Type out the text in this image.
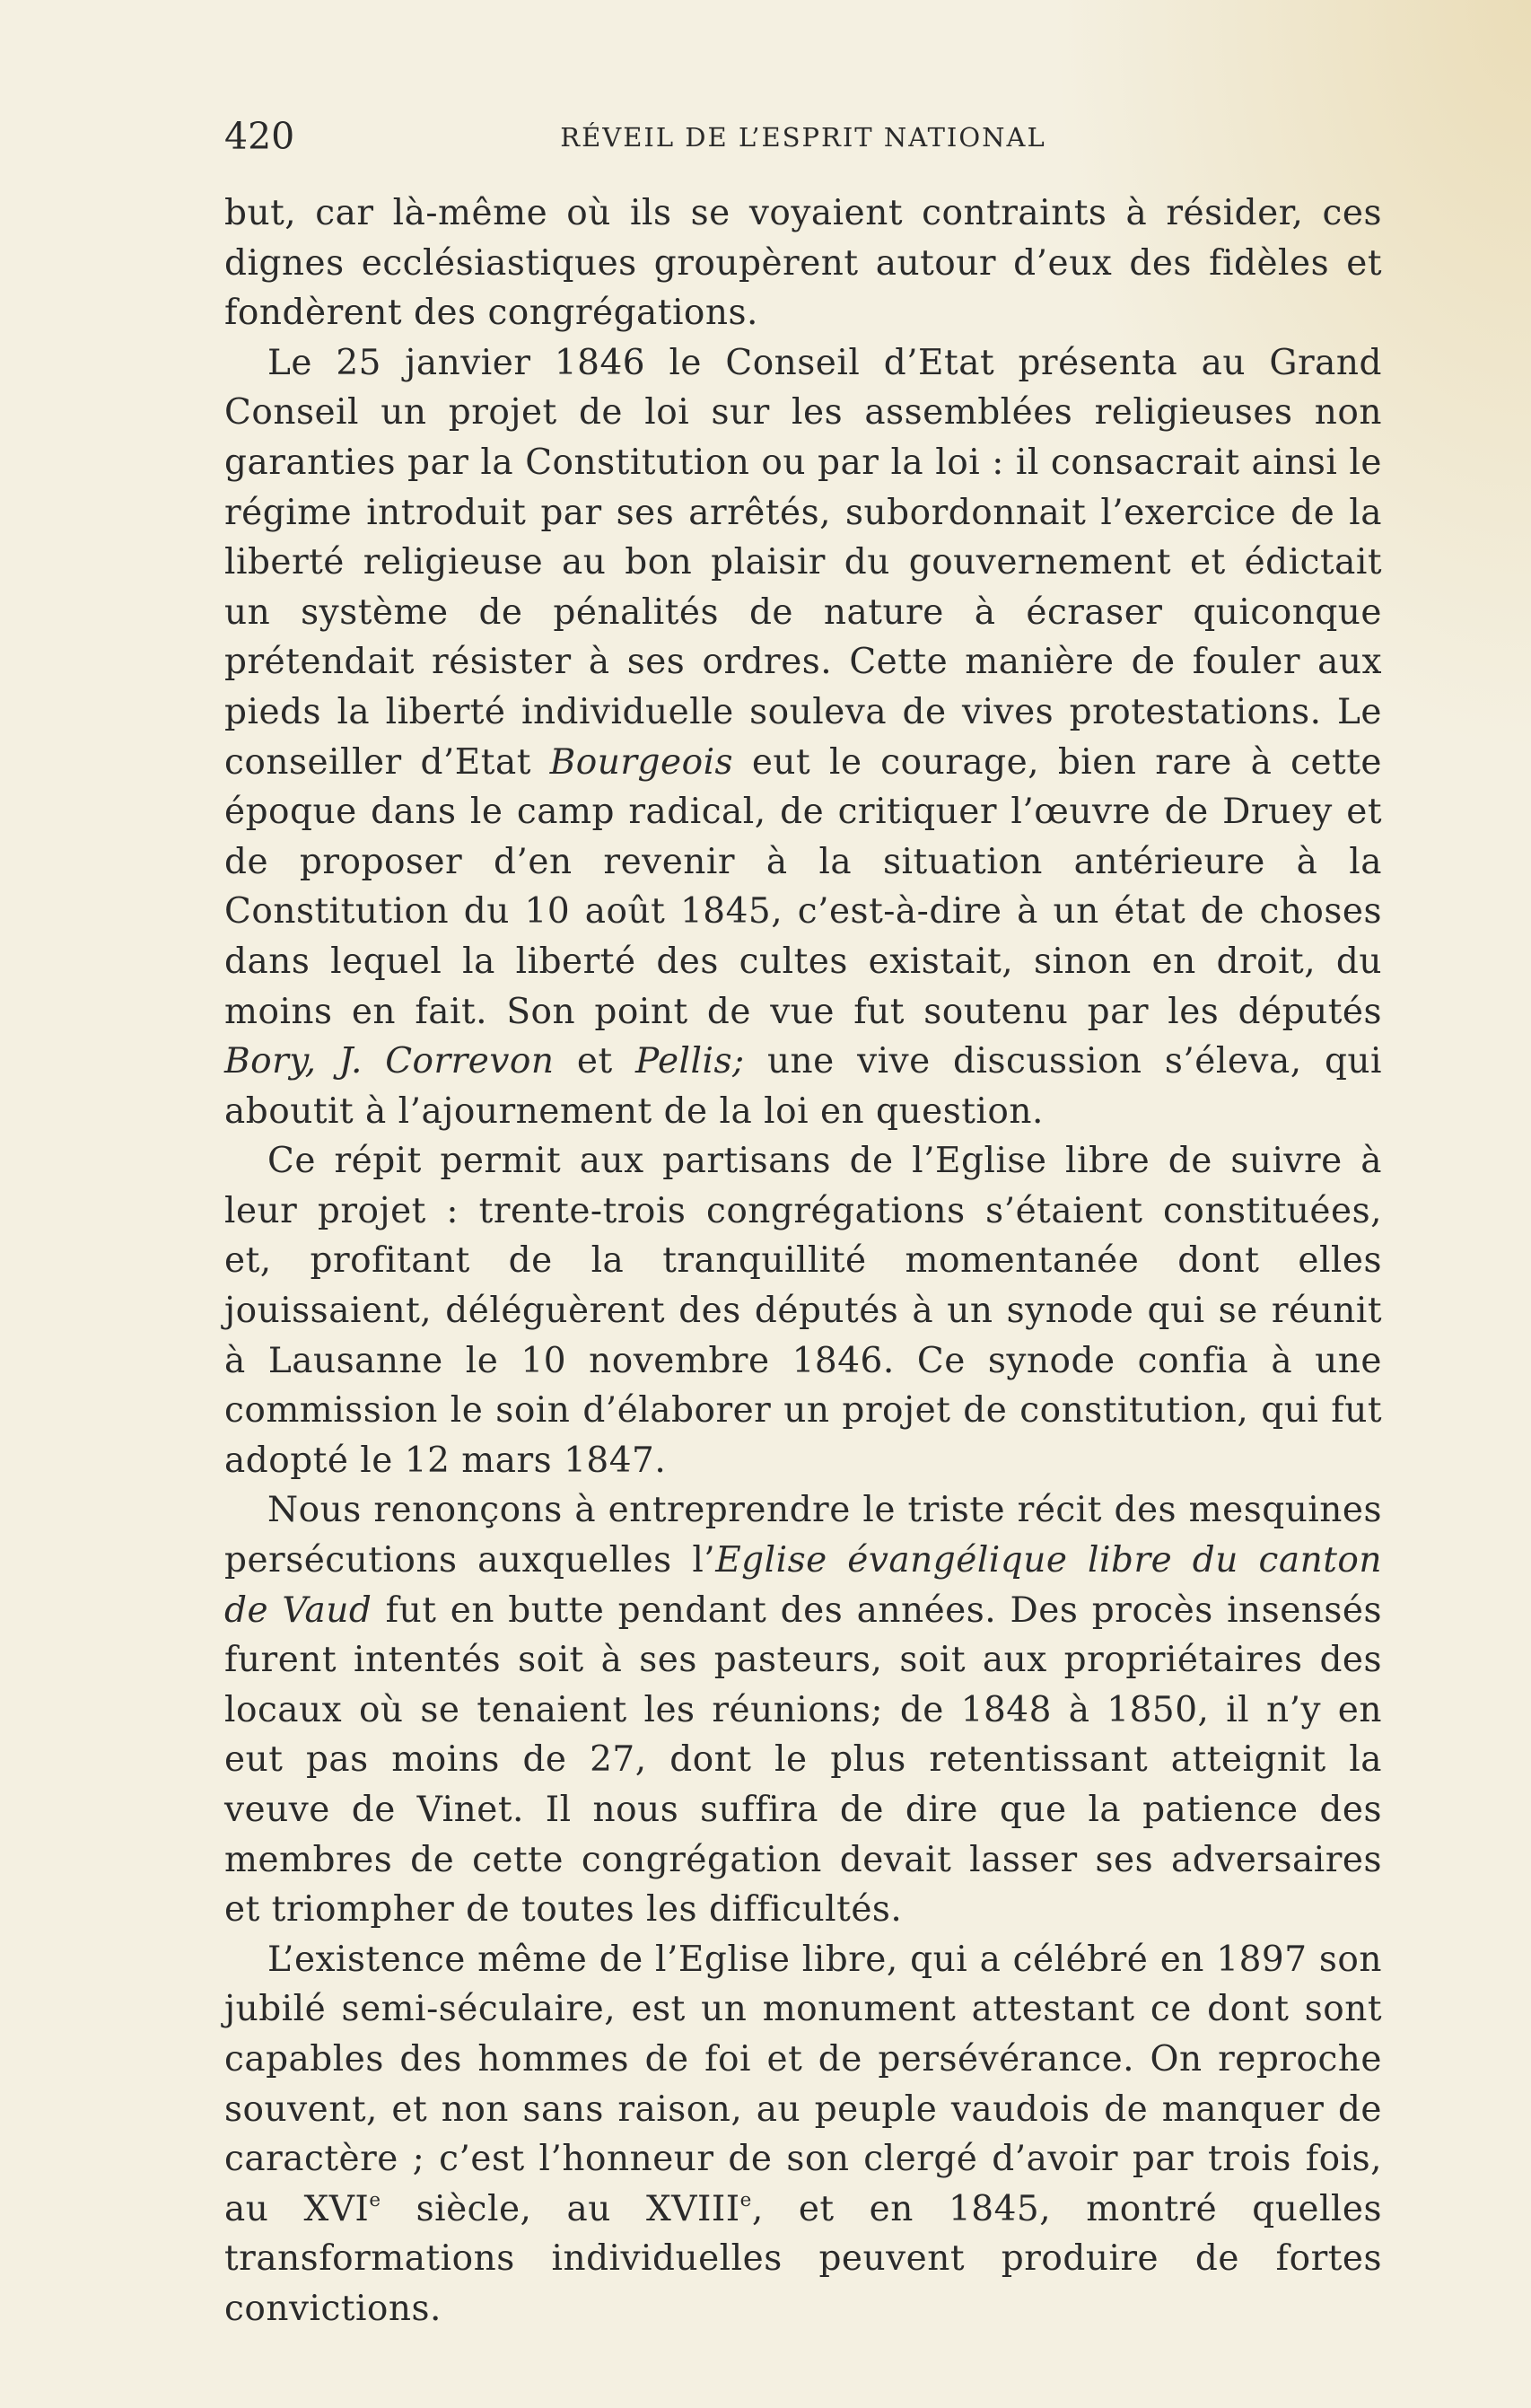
420	RÉVEIL DE L’ESPRIT NATIONAL

but, car là-même où ils se voyaient contraints à résider, ces dignes ecclésiastiques groupèrent autour d’eux des fidèles et fondèrent des congrégations.

Le 25 janvier 1846 le Conseil d’Etat présenta au Grand Conseil un projet de loi sur les assemblées religieuses non garanties par la Constitution ou par la loi : il consacrait ainsi le régime introduit par ses arrêtés, subordonnait l’exercice de la liberté religieuse au bon plaisir du gouvernement et édictait un système de pénalités de nature à écraser quiconque prétendait résister à ses ordres. Cette manière de fouler aux pieds la liberté individuelle souleva de vives protestations. Le conseiller d’Etat Bourgeois eut le courage, bien rare à cette époque dans le camp radical, de critiquer l’œuvre de Druey et de proposer d’en revenir à la situation antérieure à la Constitution du 10 août 1845, c’est-à-dire à un état de choses dans lequel la liberté des cultes existait, sinon en droit, du moins en fait. Son point de vue fut soutenu par les députés Bory, J. Correvon et Pellis; une vive discussion s’éleva, qui aboutit à l’ajournement de la loi en question.

Ce répit permit aux partisans de l’Eglise libre de suivre à leur projet : trente-trois congrégations s’étaient constituées, et, profitant de la tranquillité momentanée dont elles jouissaient, déléguèrent des députés à un synode qui se réunit à Lausanne le 10 novembre 1846. Ce synode confia à une commission le soin d’élaborer un projet de constitution, qui fut adopté le 12 mars 1847.

Nous renonçons à entreprendre le triste récit des mesquines persécutions auxquelles l’Eglise évangélique libre du canton de Vaud fut en butte pendant des années. Des procès insensés furent intentés soit à ses pasteurs, soit aux propriétaires des locaux où se tenaient les réunions; de 1848 à 1850, il n’y en eut pas moins de 27, dont le plus retentissant atteignit la veuve de Vinet. Il nous suffira de dire que la patience des membres de cette congrégation devait lasser ses adversaires et triompher de toutes les difficultés.

L’existence même de l’Eglise libre, qui a célébré en 1897 son jubilé semi-séculaire, est un monument attestant ce dont sont capables des hommes de foi et de persévérance. On reproche souvent, et non sans raison, au peuple vaudois de manquer de caractère ; c’est l’honneur de son clergé d’avoir par trois fois, au XVIe siècle, au XVIIIe, et en 1845, montré quelles transformations individuelles peuvent produire de fortes convictions.
